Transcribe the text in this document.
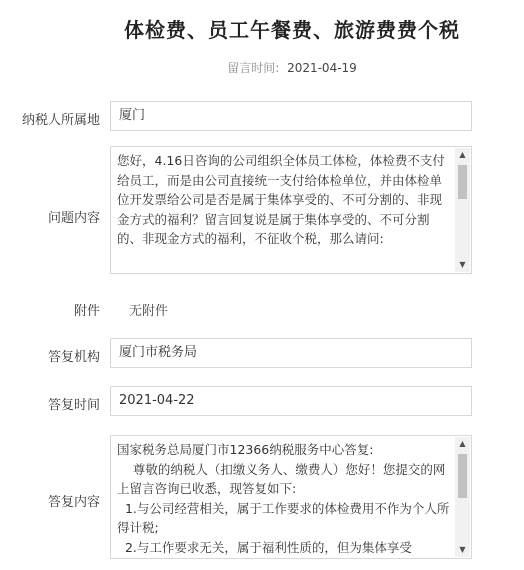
体检费、员工午餐费、旅游费费个税
留言时间: 2021-04-19
纳税人所属地	厦门
问题内容
您好，4.16日咨询的公司组织全体员工体检，体检费不支付给员工，而是由公司直接统一支付给体检单位，并由体检单位开发票给公司是否是属于集体享受的、不可分割的、非现金方式的福利？留言回复说是属于集体享受的、不可分割的、非现金方式的福利，不征收个税，那么请问:
▲
▼
附件 无附件
答复机构	厦门市税务局
答复时间	2021-04-22
答复内容
国家税务总局厦门市12366纳税服务中心答复:
尊敬的纳税人（扣缴义务人、缴费人）您好！您提交的网上留言咨询已收悉，现答复如下:
1.与公司经营相关，属于工作要求的体检费用不作为个人所得计税;
2.与工作要求无关，属于福利性质的，但为集体享受
▲
▼
